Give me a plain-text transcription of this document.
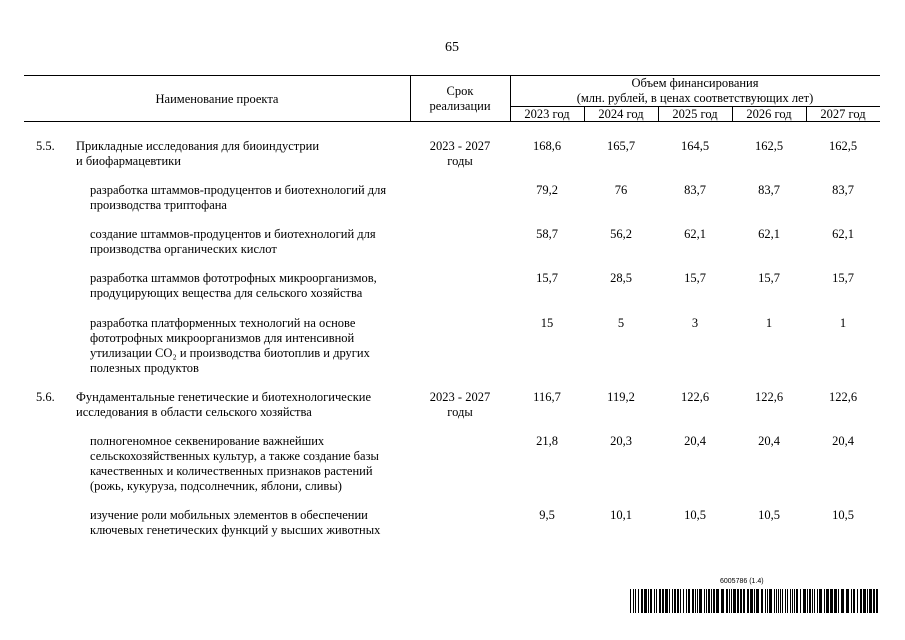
65
Наименование проекта
Срок
реализации
Объем финансирования
(млн. рублей, в ценах соответствующих лет)
2023 год	2024 год	2025 год	2026 год	2027 год
5.5. Прикладные исследования для биоиндустрии
и биофармацевтики
2023 - 2027
годы
168,6	165,7	164,5	162,5	162,5
разработка штаммов-продуцентов и биотехнологий для
производства триптофана
79,2	76	83,7	83,7	83,7
создание штаммов-продуцентов и биотехнологий для
производства органических кислот
58,7	56,2	62,1	62,1	62,1
разработка штаммов фототрофных микроорганизмов,
продуцирующих вещества для сельского хозяйства
15,7	28,5	15,7	15,7	15,7
разработка платформенных технологий на основе
фототрофных микроорганизмов для интенсивной
утилизации CO₂ и производства биотоплив и других
полезных продуктов
15	5	3	1	1
5.6. Фундаментальные генетические и биотехнологические
исследования в области сельского хозяйства
2023 - 2027
годы
116,7	119,2	122,6	122,6	122,6
полногеномное секвенирование важнейших
сельскохозяйственных культур, а также создание базы
качественных и количественных признаков растений
(рожь, кукуруза, подсолнечник, яблони, сливы)
21,8	20,3	20,4	20,4	20,4
изучение роли мобильных элементов в обеспечении
ключевых генетических функций у высших животных
9,5	10,1	10,5	10,5	10,5
6005786 (1.4)
